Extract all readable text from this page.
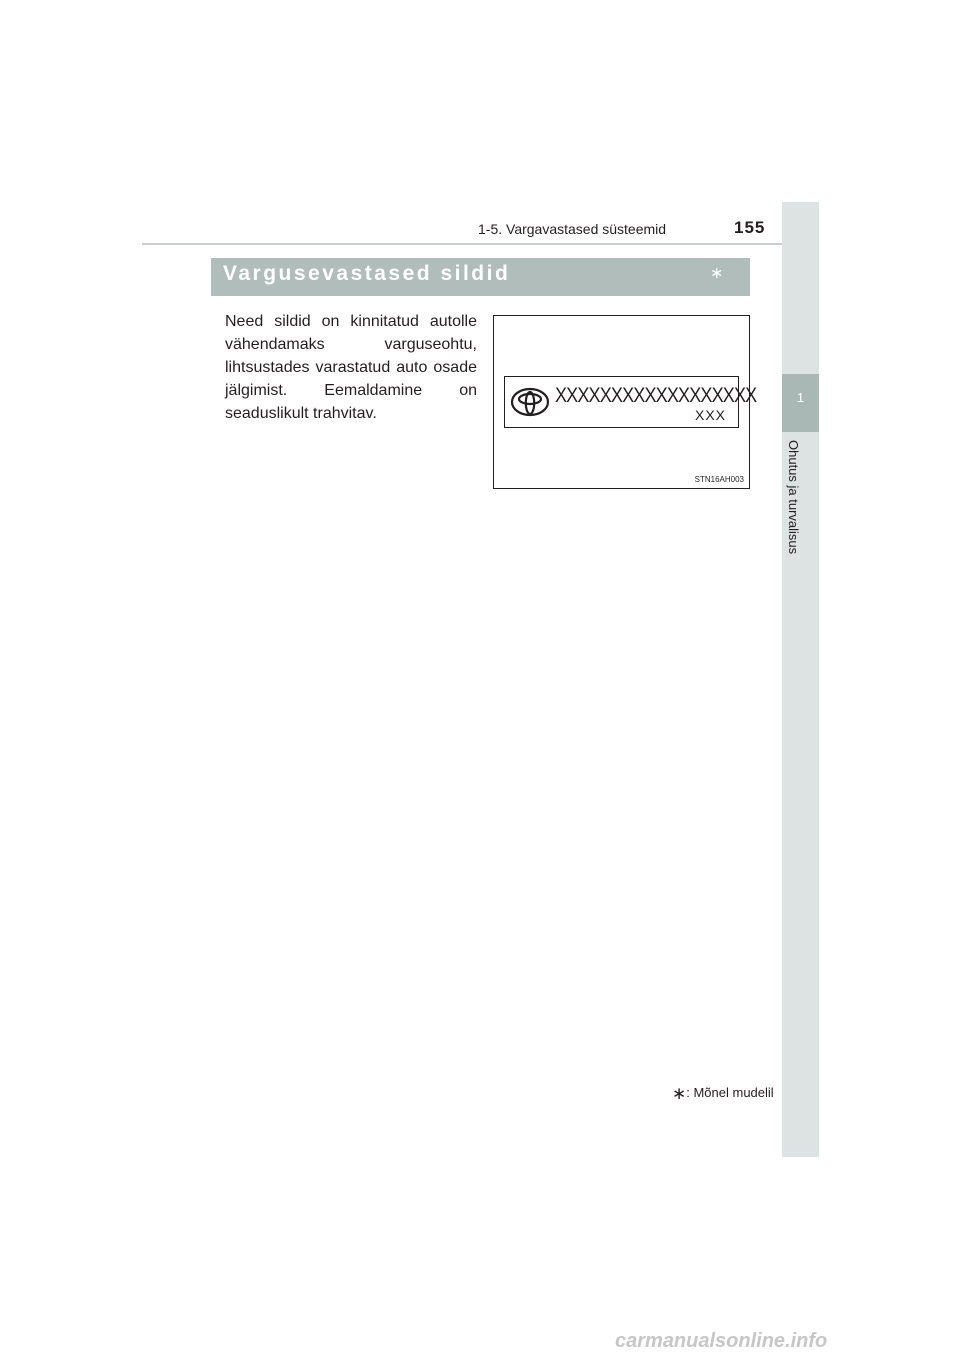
1-5. Vargavastased süsteemid	155
1
Ohutus ja turvalisus
Vargusevastased sildid	∗
Need sildid on kinnitatud autolle vähendamaks varguseohtu, lihtsustades varastatud auto osade jälgimist. Eemaldamine on seaduslikult trahvitav.
XXXXXXXXXXXXXXXXXX
XXX
STN16AH003
∗: Mõnel mudelil
carmanualsonline.info
